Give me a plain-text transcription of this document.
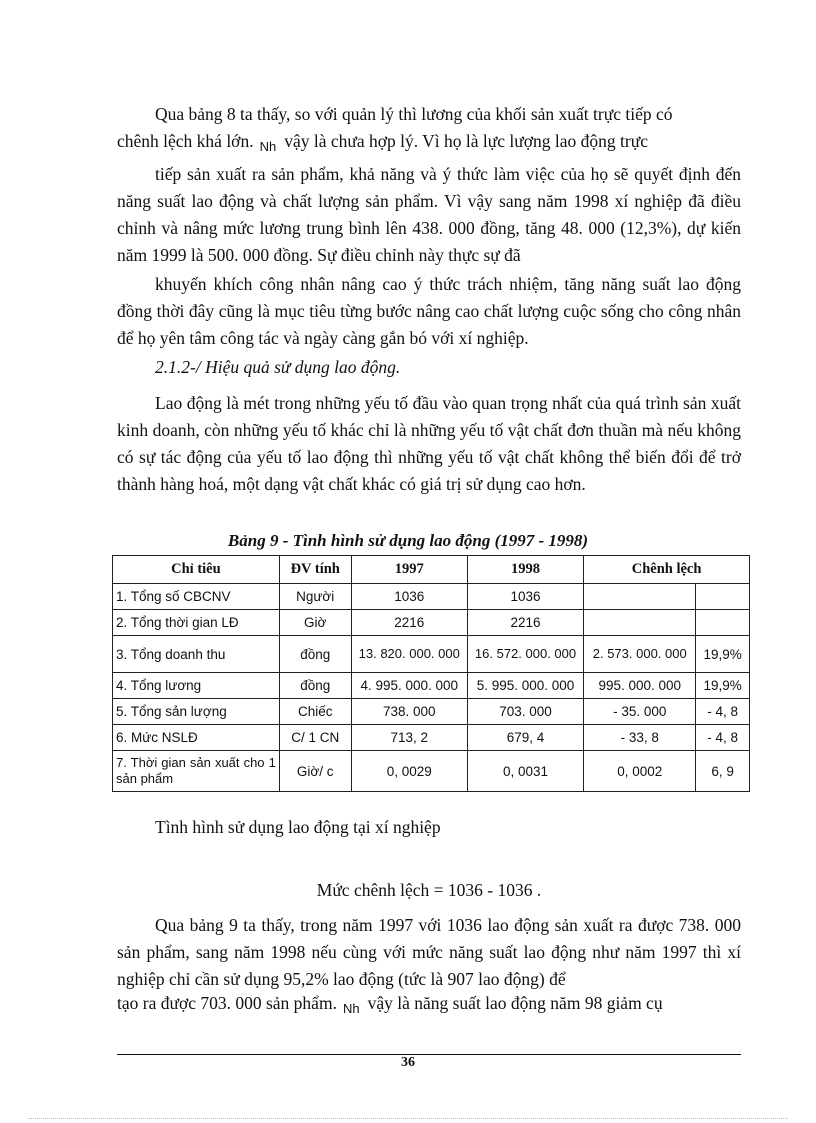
Qua bảng 8 ta thấy, so với quản lý thì lương của khối sản xuất trực tiếp có
chênh lệch khá lớn. $_{Nh}$ vậy là chưa hợp lý. Vì họ là lực lượng lao động trực
tiếp sản xuất ra sản phẩm, khả năng và ý thức làm việc của họ sẽ quyết định đến năng suất lao động và chất lượng sản phẩm. Vì vậy sang năm 1998 xí nghiệp đã điều chỉnh và nâng mức lương trung bình lên 438. 000 đồng, tăng 48. 000 (12,3%), dự kiến năm 1999 là 500. 000 đồng. Sự điều chỉnh này thực sự đã
khuyến khích công nhân nâng cao ý thức trách nhiệm, tăng năng suất lao động đồng thời đây cũng là mục tiêu từng bước nâng cao chất lượng cuộc sống cho công nhân để họ yên tâm công tác và ngày càng gắn bó với xí nghiệp.
2.1.2-/ Hiệu quả sử dụng lao động.
Lao động là mét trong những yếu tố đầu vào quan trọng nhất của quá trình sản xuất kinh doanh, còn những yếu tố khác chỉ là những yếu tố vật chất đơn thuần mà nếu không có sự tác động của yếu tố lao động thì những yếu tố vật chất không thể biến đổi để trở thành hàng hoá, một dạng vật chất khác có giá trị sử dụng cao hơn.
Bảng 9 - Tình hình sử dụng lao động (1997 - 1998)
Chỉ tiêu	ĐV tính	1997	1998	Chênh lệch	
1. Tổng số CBCNV	Người	1036	1036		
2. Tổng thời gian LĐ	Giờ	2216	2216		
3. Tổng doanh thu	đồng	13. 820. 000. 000	16. 572. 000. 000	2. 573. 000. 000	19,9%
4. Tổng lương	đồng	4. 995. 000. 000	5. 995. 000. 000	995. 000. 000	19,9%
5. Tổng sản lượng	Chiếc	738. 000	703. 000	- 35. 000	- 4, 8
6. Mức NSLĐ	C/ 1 CN	713, 2	679, 4	- 33, 8	- 4, 8
7. Thời gian sản xuất cho 1 sản phẩm	Giờ/ c	0, 0029	0, 0031	0, 0002	6, 9
Tình hình sử dụng lao động tại xí nghiệp
Mức chênh lệch = 1036 - 1036 .
Qua bảng 9 ta thấy, trong năm 1997 với 1036 lao động sản xuất ra được 738. 000 sản phẩm, sang năm 1998 nếu cùng với mức năng suất lao động như năm 1997 thì xí nghiệp chỉ cần sử dụng 95,2% lao động (tức là 907 lao động) để
tạo ra được 703. 000 sản phẩm. $_{Nh}$ vậy là năng suất lao động năm 98 giảm cụ
36
